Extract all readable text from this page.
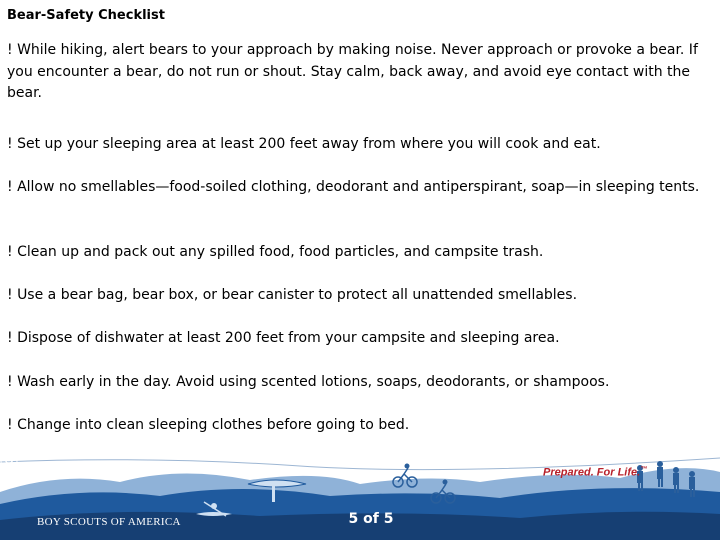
Bear-Safety Checklist
! While hiking, alert bears to your approach by making noise. Never approach or provoke a bear. If you encounter a bear, do not run or shout. Stay calm, back away, and avoid eye contact with the bear.
! Set up your sleeping area at least 200 feet away from where you will cook and eat.
! Allow no smellables—food-soiled clothing, deodorant and antiperspirant, soap—in sleeping tents.
! Clean up and pack out any spilled food, food particles, and campsite trash.
! Use a bear bag, bear box, or bear canister to protect all unattended smellables.
! Dispose of dishwater at least 200 feet from your campsite and sleeping area.
! Wash early in the day. Avoid using scented lotions, soaps, deodorants, or shampoos.
! Change into clean sleeping clothes before going to bed.
BOY SCOUTS OF AMERICA
Prepared. For Life.™
5 of 5
